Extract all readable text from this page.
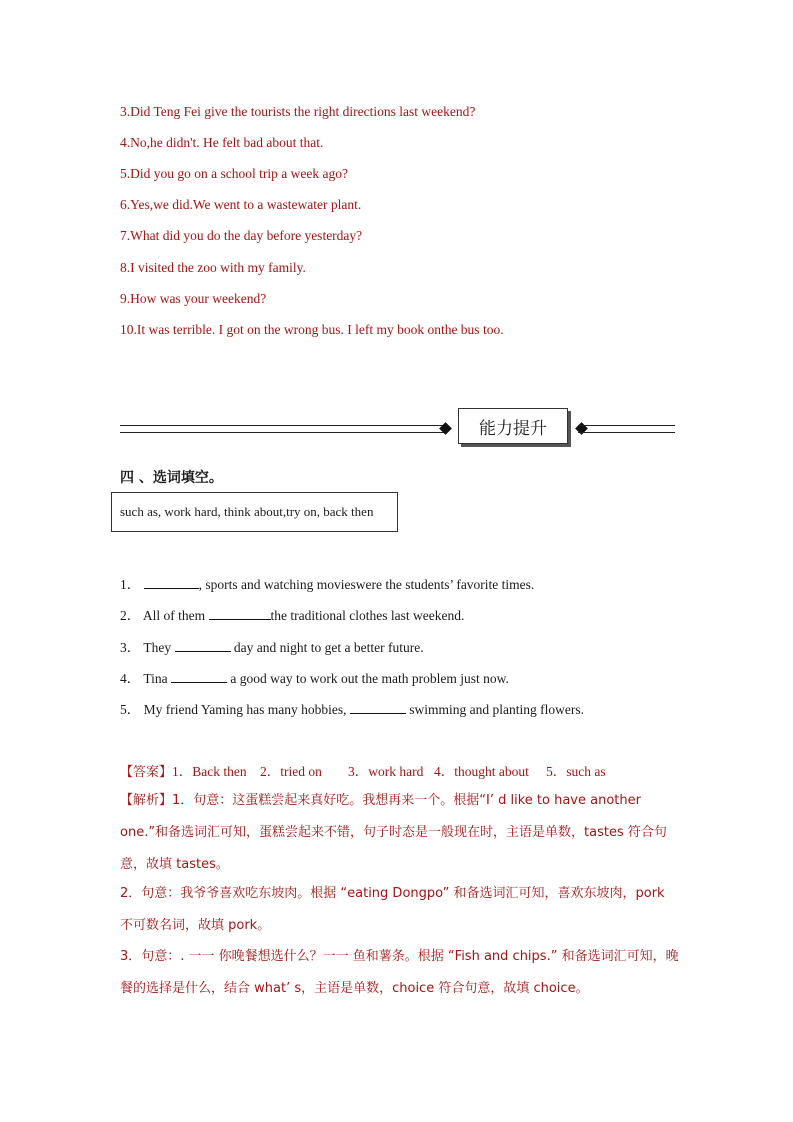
3.Did Teng Fei give the tourists the right directions last weekend?
4.No,he didn't. He felt bad about that.
5.Did you go on a school trip a week ago?
6.Yes,we did.We went to a wastewater plant.
7.What did you do the day before yesterday?
8.I visited the zoo with my family.
9.How was your weekend?
10.It was terrible. I got on the wrong bus. I left my book onthe bus too.
能力提升
四 、选词填空。
such as, work hard, think about,try on, back then
1．	, sports and watching movieswere the students’ favorite times.
2． All of them	the traditional clothes last weekend.
3． They	day and night to get a better future.
4． Tina	a good way to work out the math problem just now.
5． My friend Yaming has many hobbies,	swimming and planting flowers.
【答案】1．Back then 2．tried on 3．work hard 4．thought about 5．such as
【解析】1．句意：这蛋糕尝起来真好吃。我想再来一个。根据“I’ d like to have another one.”和备选词汇可知，蛋糕尝起来不错，句子时态是一般现在时，主语是单数，tastes 符合句意，故填 tastes。
2．句意：我爷爷喜欢吃东坡肉。根据 “eating Dongpo” 和备选词汇可知，喜欢东坡肉，pork 不可数名词，故填 pork。
3．句意：. 一一 你晚餐想选什么？一一 鱼和薯条。根据 “Fish and chips.” 和备选词汇可知，晚餐的选择是什么，结合 what’ s，主语是单数，choice 符合句意，故填 choice。
